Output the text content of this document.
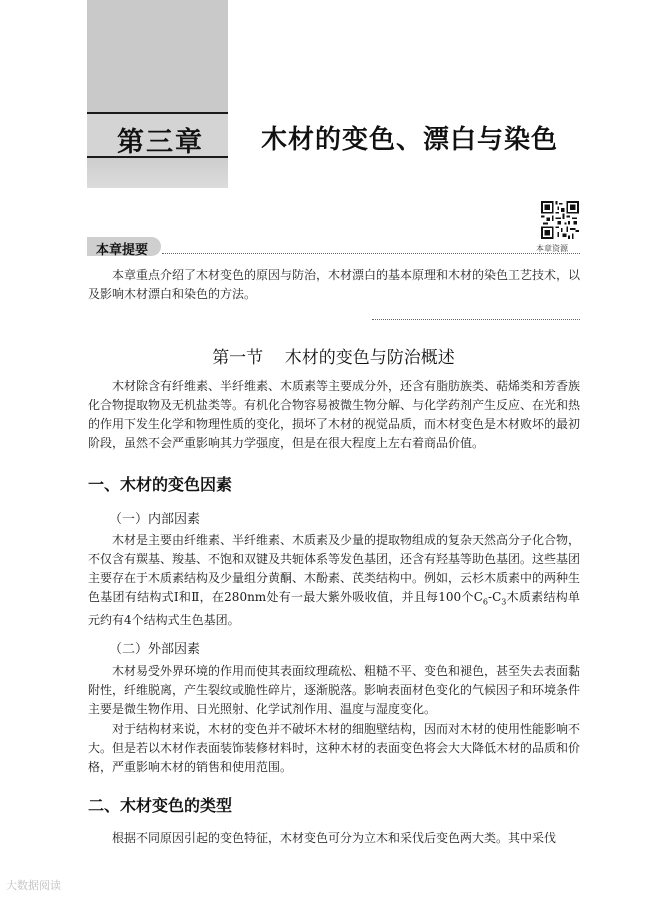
第三章 木材的变色、漂白与染色
本章资源
本章提要
本章重点介绍了木材变色的原因与防治，木材漂白的基本原理和木材的染色工艺技术，以及影响木材漂白和染色的方法。
第一节    木材的变色与防治概述
木材除含有纤维素、半纤维素、木质素等主要成分外，还含有脂肪族类、萜烯类和芳香族化合物提取物及无机盐类等。有机化合物容易被微生物分解、与化学药剂产生反应、在光和热的作用下发生化学和物理性质的变化，损坏了木材的视觉品质，而木材变色是木材败坏的最初阶段，虽然不会严重影响其力学强度，但是在很大程度上左右着商品价值。
一、木材的变色因素
（一）内部因素
木材是主要由纤维素、半纤维素、木质素及少量的提取物组成的复杂天然高分子化合物，不仅含有羰基、羧基、不饱和双键及共轭体系等发色基团，还含有羟基等助色基团。这些基团主要存在于木质素结构及少量组分黄酮、木酚素、芪类结构中。例如，云杉木质素中的两种生色基团有结构式Ⅰ和Ⅱ，在280nm处有一最大紫外吸收值，并且每100个$C_6-C_3$木质素结构单元约有4个结构式生色基团。
（二）外部因素
木材易受外界环境的作用而使其表面纹理疏松、粗糙不平、变色和褪色，甚至失去表面黏附性，纤维脱离，产生裂纹或脆性碎片，逐渐脱落。影响表面材色变化的气候因子和环境条件主要是微生物作用、日光照射、化学试剂作用、温度与湿度变化。
对于结构材来说，木材的变色并不破坏木材的细胞壁结构，因而对木材的使用性能影响不大。但是若以木材作表面装饰装修材料时，这种木材的表面变色将会大大降低木材的品质和价格，严重影响木材的销售和使用范围。
二、木材变色的类型
根据不同原因引起的变色特征，木材变色可分为立木和采伐后变色两大类。其中采伐
大数据阅读
